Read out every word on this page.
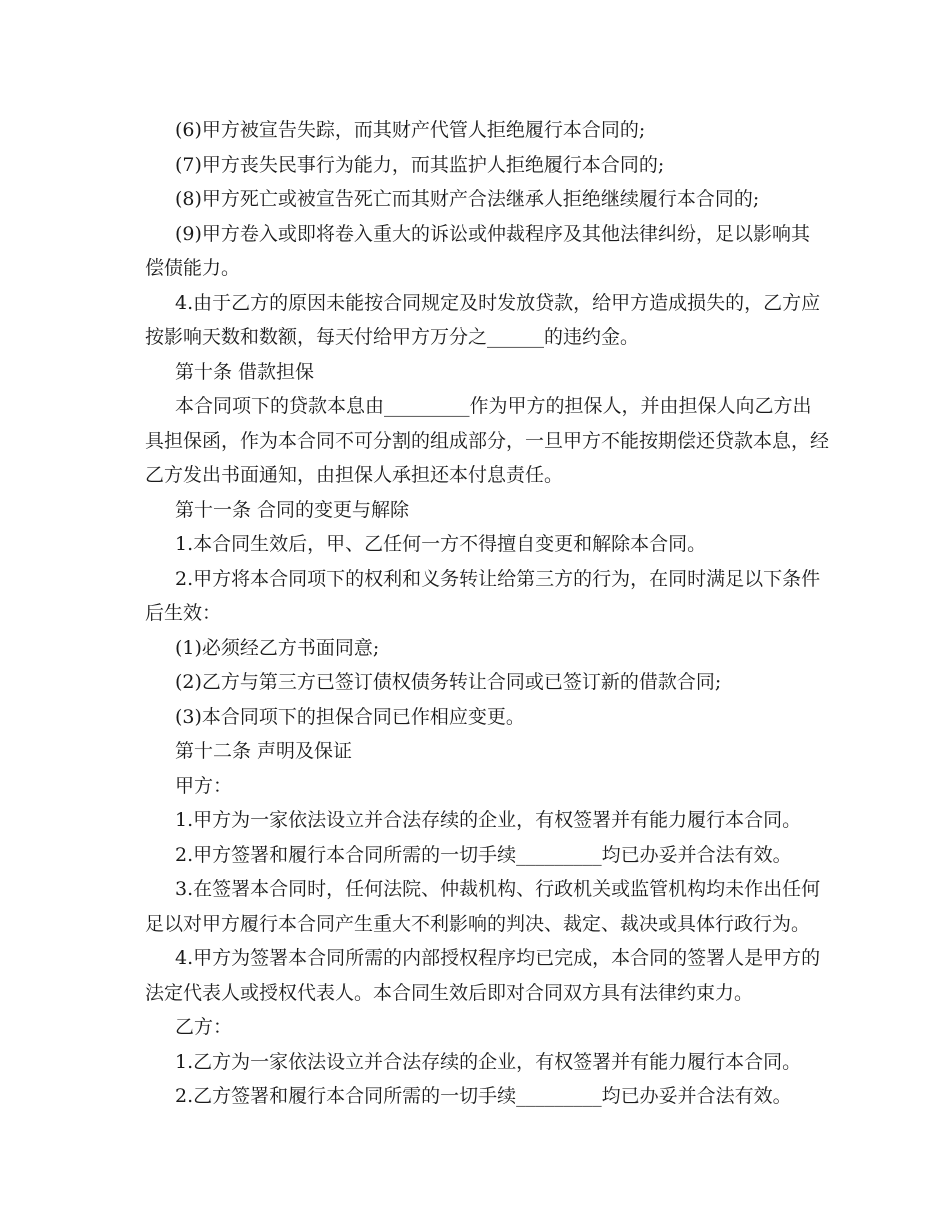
(6)甲方被宣告失踪，而其财产代管人拒绝履行本合同的;
(7)甲方丧失民事行为能力，而其监护人拒绝履行本合同的;
(8)甲方死亡或被宣告死亡而其财产合法继承人拒绝继续履行本合同的;
(9)甲方卷入或即将卷入重大的诉讼或仲裁程序及其他法律纠纷，足以影响其
偿债能力。
4.由于乙方的原因未能按合同规定及时发放贷款，给甲方造成损失的，乙方应
按影响天数和数额，每天付给甲方万分之______的违约金。
第十条 借款担保
本合同项下的贷款本息由_________作为甲方的担保人，并由担保人向乙方出
具担保函，作为本合同不可分割的组成部分，一旦甲方不能按期偿还贷款本息，经
乙方发出书面通知，由担保人承担还本付息责任。
第十一条 合同的变更与解除
1.本合同生效后，甲、乙任何一方不得擅自变更和解除本合同。
2.甲方将本合同项下的权利和义务转让给第三方的行为，在同时满足以下条件
后生效：
(1)必须经乙方书面同意;
(2)乙方与第三方已签订债权债务转让合同或已签订新的借款合同;
(3)本合同项下的担保合同已作相应变更。
第十二条 声明及保证
甲方：
1.甲方为一家依法设立并合法存续的企业，有权签署并有能力履行本合同。
2.甲方签署和履行本合同所需的一切手续_________均已办妥并合法有效。
3.在签署本合同时，任何法院、仲裁机构、行政机关或监管机构均未作出任何
足以对甲方履行本合同产生重大不利影响的判决、裁定、裁决或具体行政行为。
4.甲方为签署本合同所需的内部授权程序均已完成，本合同的签署人是甲方的
法定代表人或授权代表人。本合同生效后即对合同双方具有法律约束力。
乙方：
1.乙方为一家依法设立并合法存续的企业，有权签署并有能力履行本合同。
2.乙方签署和履行本合同所需的一切手续_________均已办妥并合法有效。
